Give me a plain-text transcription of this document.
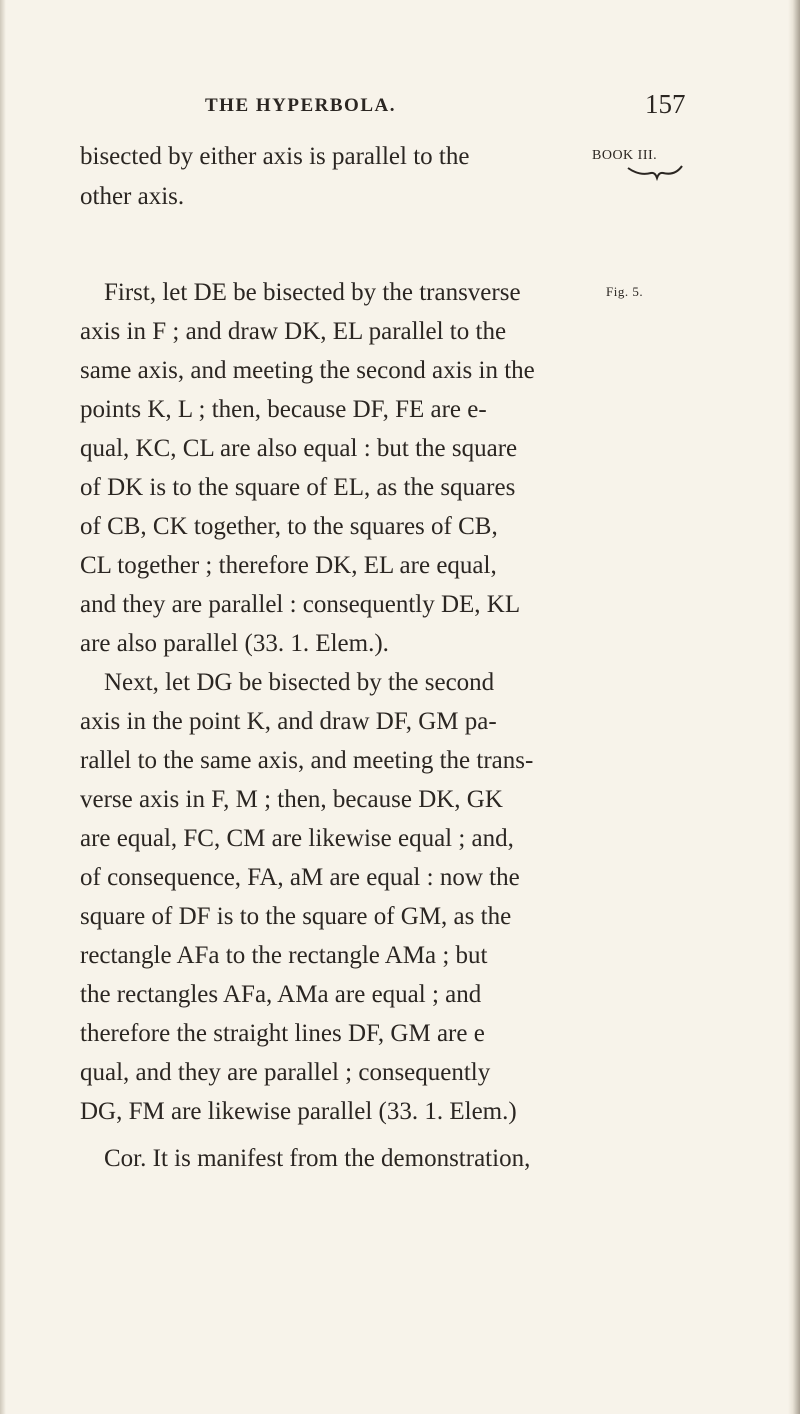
THE HYPERBOLA.	157
BOOK III.
Fig. 5.
bisected by either axis is parallel to the
other axis.
First, let DE be bisected by the transverse
axis in F ; and draw DK, EL parallel to the
same axis, and meeting the second axis in the
points K, L ; then, because DF, FE are e-
qual, KC, CL are also equal : but the square
of DK is to the square of EL, as the squares
of CB, CK together, to the squares of CB,
CL together ; therefore DK, EL are equal,
and they are parallel : consequently DE, KL
are also parallel (33. 1. Elem.).
Next, let DG be bisected by the second
axis in the point K, and draw DF, GM pa-
rallel to the same axis, and meeting the trans-
verse axis in F, M ; then, because DK, GK
are equal, FC, CM are likewise equal ; and,
of consequence, FA, aM are equal : now the
square of DF is to the square of GM, as the
rectangle AFa to the rectangle AMa ; but
the rectangles AFa, AMa are equal ; and
therefore the straight lines DF, GM are e
qual, and they are parallel ; consequently
DG, FM are likewise parallel (33. 1. Elem.)
Cor. It is manifest from the demonstration,
